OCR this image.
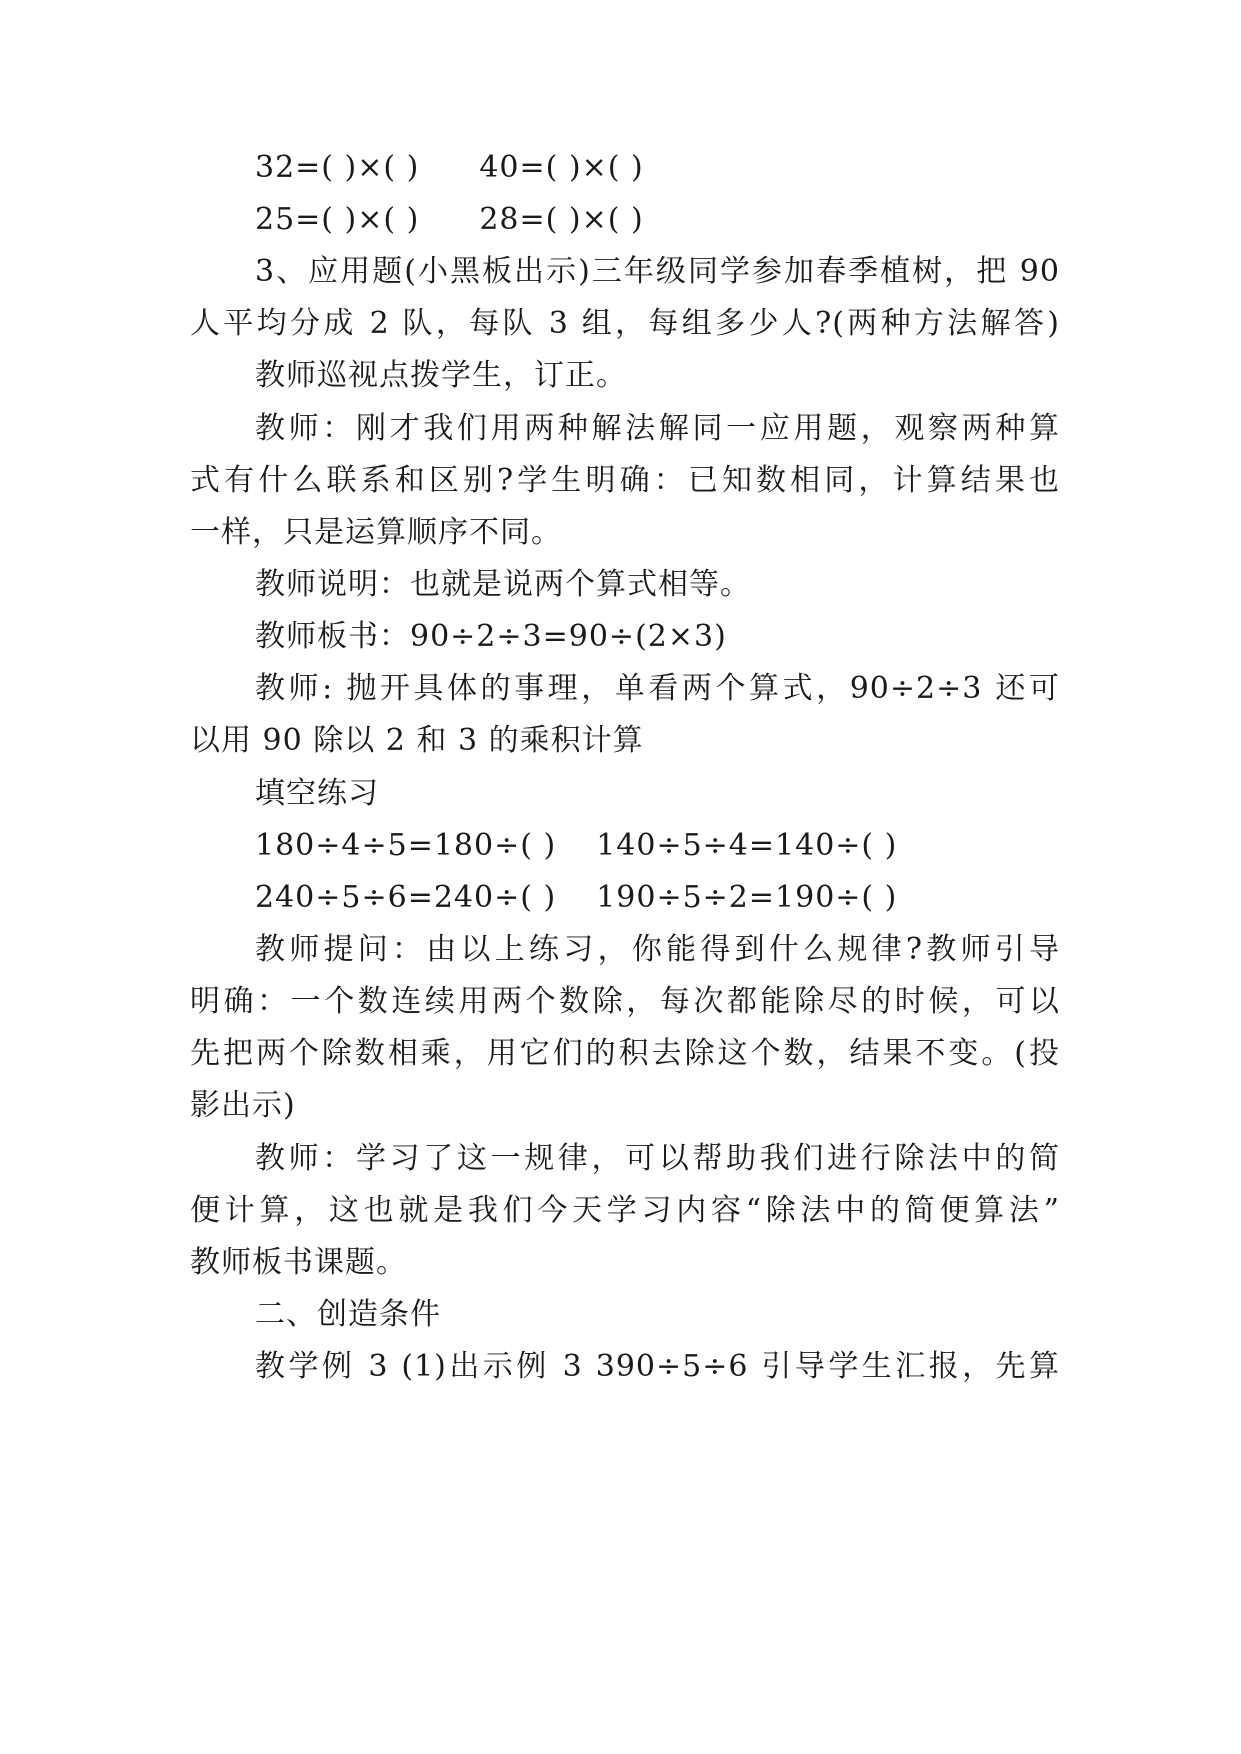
32=( )×( ) 40=( )×( )
25=( )×( ) 28=( )×( )
3、应用题(小黑板出示)三年级同学参加春季植树，把 90
人平均分成 2 队，每队 3 组，每组多少人?(两种方法解答)
教师巡视点拨学生，订正。
教师：刚才我们用两种解法解同一应用题，观察两种算
式有什么联系和区别?学生明确：已知数相同，计算结果也
一样，只是运算顺序不同。
教师说明：也就是说两个算式相等。
教师板书：90÷2÷3=90÷(2×3)
教师: 抛开具体的事理，单看两个算式，90÷2÷3 还可
以用 90 除以 2 和 3 的乘积计算
填空练习
180÷4÷5=180÷( ) 140÷5÷4=140÷( )
240÷5÷6=240÷( ) 190÷5÷2=190÷( )
教师提问：由以上练习，你能得到什么规律?教师引导
明确：一个数连续用两个数除，每次都能除尽的时候，可以
先把两个除数相乘，用它们的积去除这个数，结果不变。(投
影出示)
教师：学习了这一规律，可以帮助我们进行除法中的简
便计算，这也就是我们今天学习内容“除法中的简便算法”
教师板书课题。
二、创造条件
教学例 3 (1)出示例 3 390÷5÷6 引导学生汇报，先算
